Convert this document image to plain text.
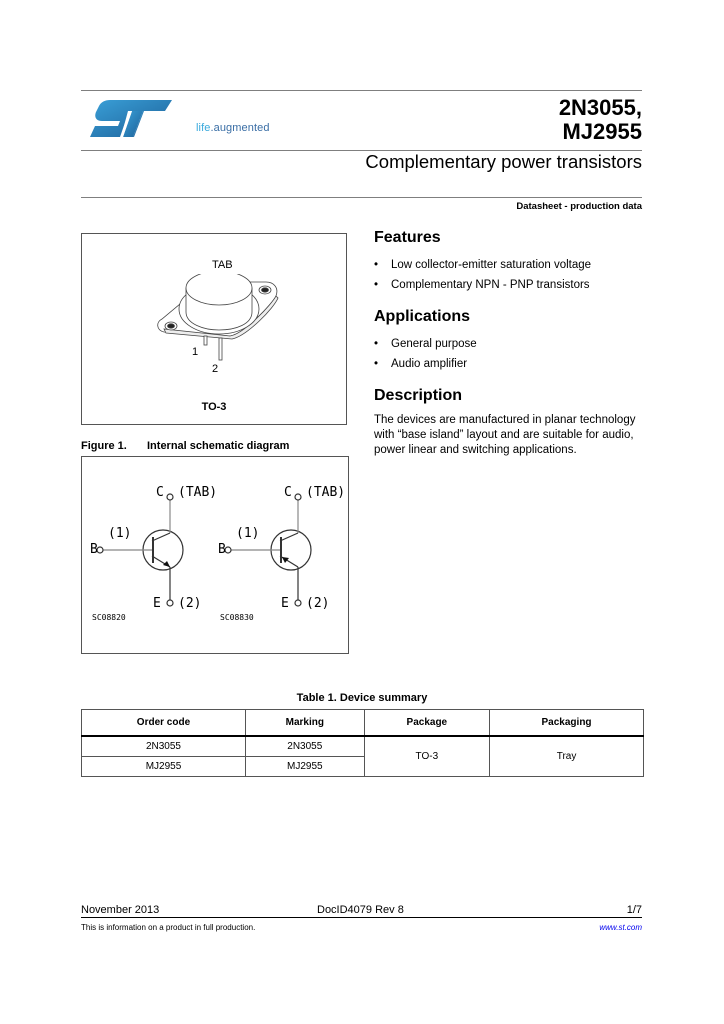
life.augmented
2N3055,
MJ2955
Complementary power transistors
Datasheet - production data
TAB
1
2
TO-3
Figure 1. Internal schematic diagram
C (TAB)
(1)
B
E (2)
SC08820
C (TAB)
(1)
B
E (2)
SC08830
Features
• Low collector-emitter saturation voltage
• Complementary NPN - PNP transistors
Applications
• General purpose
• Audio amplifier
Description
The devices are manufactured in planar technology with “base island” layout and are suitable for audio, power linear and switching applications.
Table 1. Device summary
Order code	Marking	Package	Packaging
2N3055	2N3055	TO-3	Tray
MJ2955	MJ2955		
November 2013	DocID4079 Rev 8	1/7
This is information on a product in full production.	www.st.com
